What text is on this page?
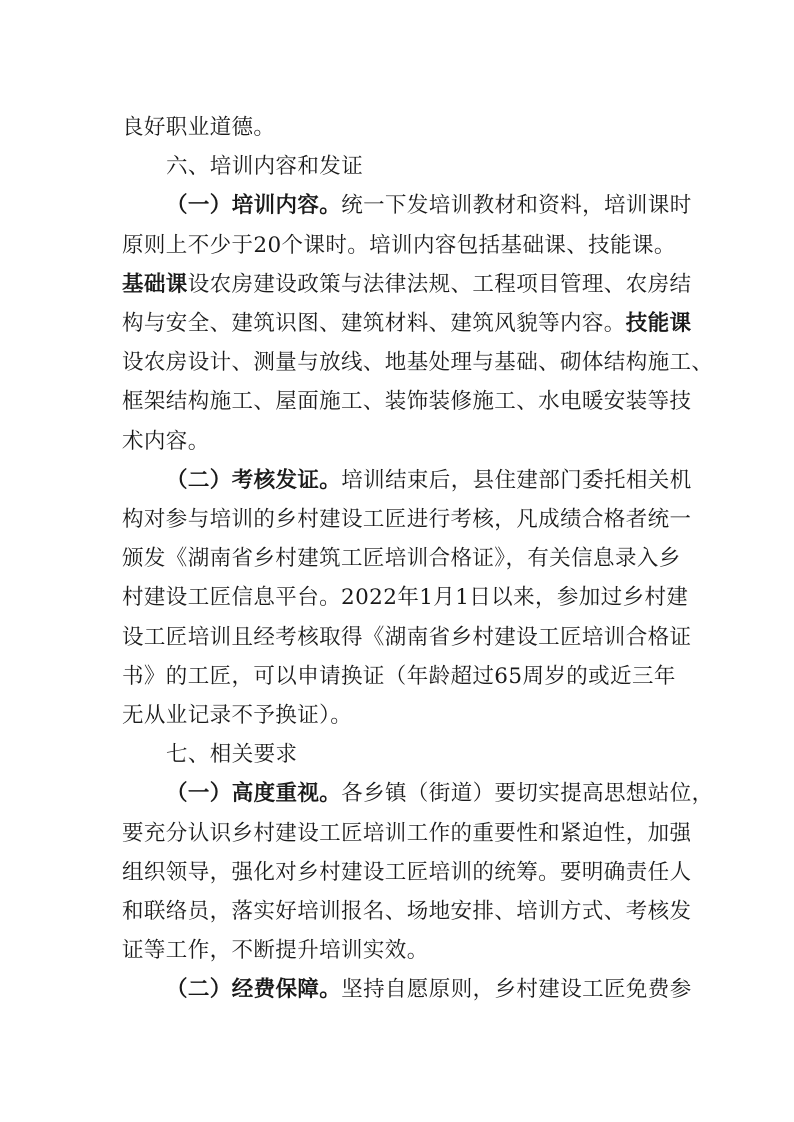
良好职业道德。
六、培训内容和发证
（一）培训内容。统一下发培训教材和资料，培训课时
原则上不少于20个课时。培训内容包括基础课、技能课。
基础课设农房建设政策与法律法规、工程项目管理、农房结
构与安全、建筑识图、建筑材料、建筑风貌等内容。技能课
设农房设计、测量与放线、地基处理与基础、砌体结构施工、
框架结构施工、屋面施工、装饰装修施工、水电暖安装等技
术内容。
（二）考核发证。培训结束后，县住建部门委托相关机
构对参与培训的乡村建设工匠进行考核，凡成绩合格者统一
颁发《湖南省乡村建筑工匠培训合格证》，有关信息录入乡
村建设工匠信息平台。2022年1月1日以来，参加过乡村建
设工匠培训且经考核取得《湖南省乡村建设工匠培训合格证
书》的工匠，可以申请换证（年龄超过65周岁的或近三年
无从业记录不予换证）。
七、相关要求
（一）高度重视。各乡镇（街道）要切实提高思想站位，
要充分认识乡村建设工匠培训工作的重要性和紧迫性，加强
组织领导，强化对乡村建设工匠培训的统筹。要明确责任人
和联络员，落实好培训报名、场地安排、培训方式、考核发
证等工作，不断提升培训实效。
（二）经费保障。坚持自愿原则，乡村建设工匠免费参
